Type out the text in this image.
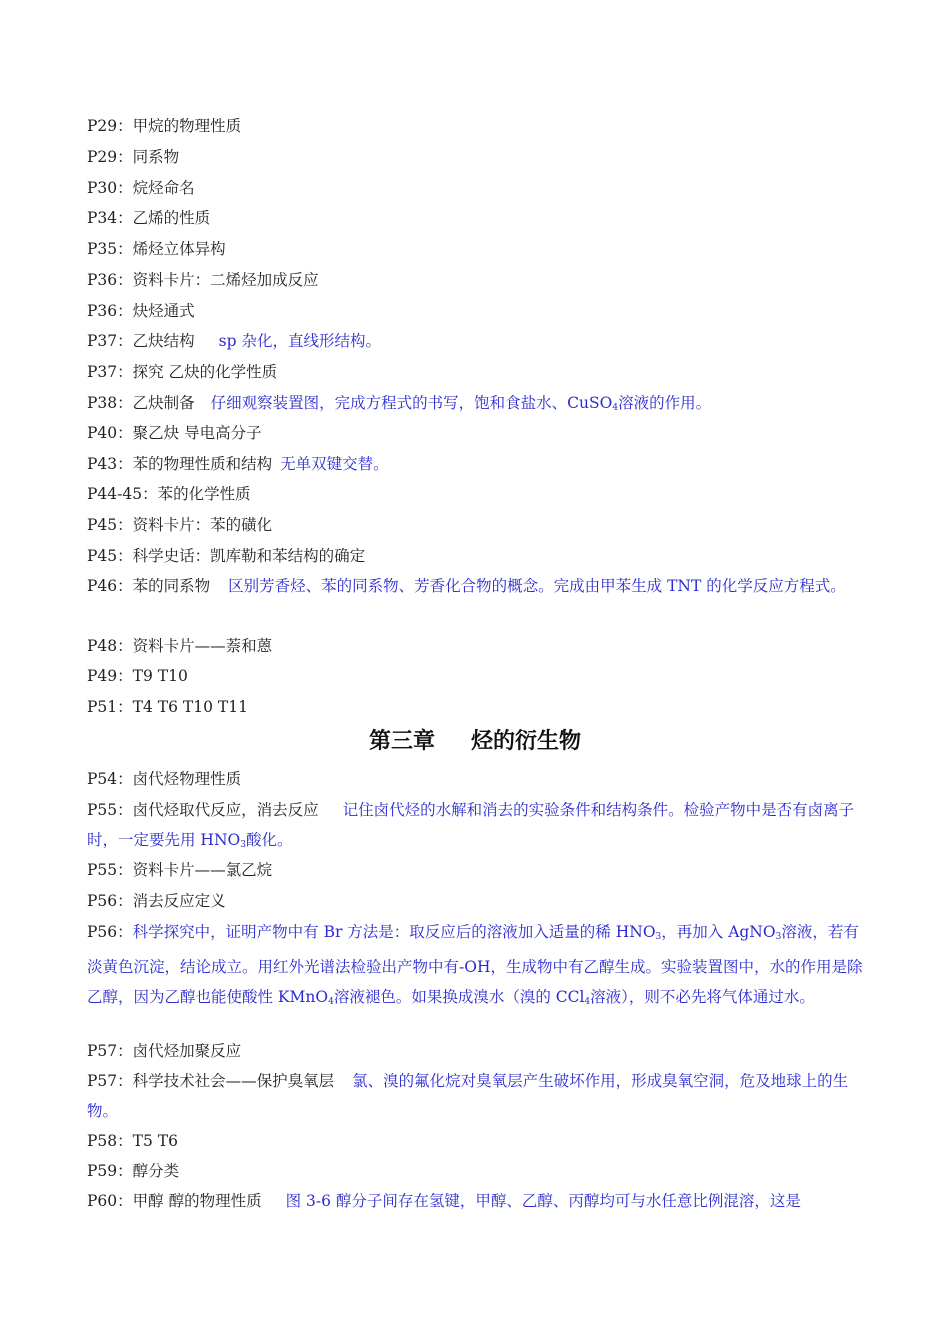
P29：甲烷的物理性质
P29：同系物
P30：烷烃命名
P34：乙烯的性质
P35：烯烃立体异构
P36：资料卡片：二烯烃加成反应
P36：炔烃通式
P37：乙炔结构 sp 杂化，直线形结构。
P37：探究 乙炔的化学性质
P38：乙炔制备 仔细观察装置图，完成方程式的书写，饱和食盐水、CuSO$_4$溶液的作用。
P40：聚乙炔 导电高分子
P43：苯的物理性质和结构 无单双键交替。
P44-45：苯的化学性质
P45：资料卡片：苯的磺化
P45：科学史话：凯库勒和苯结构的确定
P46：苯的同系物 区别芳香烃、苯的同系物、芳香化合物的概念。完成由甲苯生成 TNT 的化学反应方程式。
P48：资料卡片——萘和蒽
P49：T9 T10
P51：T4 T6 T10 T11
第三章 烃的衍生物
P54：卤代烃物理性质
P55：卤代烃取代反应，消去反应 记住卤代烃的水解和消去的实验条件和结构条件。检验产物中是否有卤离子时，一定要先用 $HNO_3$酸化。
P55：资料卡片——氯乙烷
P56：消去反应定义
P56：科学探究中，证明产物中有 Br 方法是：取反应后的溶液加入适量的稀 $HNO_3$，再加入 AgNO$_3$溶液，若有淡黄色沉淀，结论成立。用红外光谱法检验出产物中有-OH，生成物中有乙醇生成。实验装置图中，水的作用是除乙醇，因为乙醇也能使酸性 KMnO$_4$溶液褪色。如果换成溴水（溴的 CCl$_4$溶液），则不必先将气体通过水。
P57：卤代烃加聚反应
P57：科学技术社会——保护臭氧层 氯、溴的氟化烷对臭氧层产生破坏作用，形成臭氧空洞，危及地球上的生物。
P58：T5 T6
P59：醇分类
P60：甲醇 醇的物理性质 图 3-6 醇分子间存在氢键，甲醇、乙醇、丙醇均可与水任意比例混溶，这是
